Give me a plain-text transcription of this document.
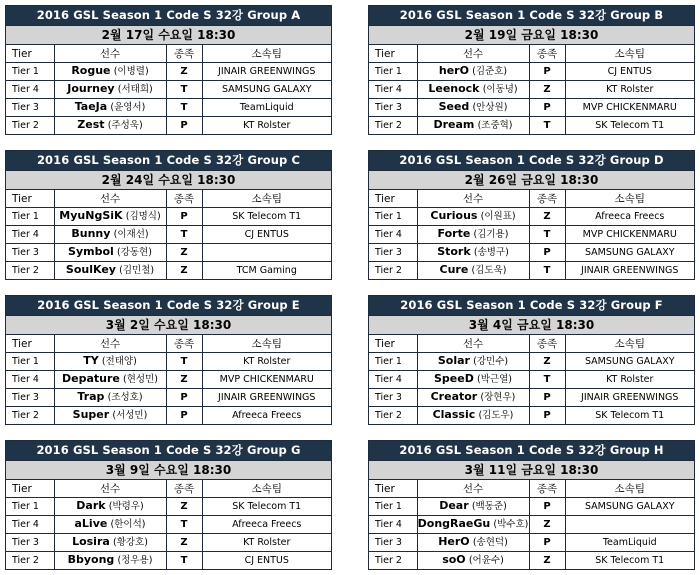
2016 GSL Season 1 Code S 32강 Group A
2월 17일 수요일 18:30
Tier	선수	종족	소속팀
Tier 1	Rogue (이병렬)	Z	JINAIR GREENWINGS
Tier 4	Journey (서태희)	T	SAMSUNG GALAXY
Tier 3	TaeJa (윤영서)	T	TeamLiquid
Tier 2	Zest (주성욱)	P	KT Rolster
2016 GSL Season 1 Code S 32강 Group B
2월 19일 금요일 18:30
Tier	선수	종족	소속팀
Tier 1	herO (김준호)	P	CJ ENTUS
Tier 4	Leenock (이동녕)	Z	KT Rolster
Tier 3	Seed (안상원)	P	MVP CHICKENMARU
Tier 2	Dream (조중혁)	T	SK Telecom T1
2016 GSL Season 1 Code S 32강 Group C
2월 24일 수요일 18:30
Tier	선수	종족	소속팀
Tier 1	MyuNgSiK (김명식)	P	SK Telecom T1
Tier 4	Bunny (이재선)	T	CJ ENTUS
Tier 3	Symbol (강동현)	Z	
Tier 2	SoulKey (김민철)	Z	TCM Gaming
2016 GSL Season 1 Code S 32강 Group D
2월 26일 금요일 18:30
Tier	선수	종족	소속팀
Tier 1	Curious (이원표)	Z	Afreeca Freecs
Tier 4	Forte (김기용)	T	MVP CHICKENMARU
Tier 3	Stork (송병구)	P	SAMSUNG GALAXY
Tier 2	Cure (김도욱)	T	JINAIR GREENWINGS
2016 GSL Season 1 Code S 32강 Group E
3월 2일 수요일 18:30
Tier	선수	종족	소속팀
Tier 1	TY (전태양)	T	KT Rolster
Tier 4	Depature (현성민)	Z	MVP CHICKENMARU
Tier 3	Trap (조성호)	P	JINAIR GREENWINGS
Tier 2	Super (서성민)	P	Afreeca Freecs
2016 GSL Season 1 Code S 32강 Group F
3월 4일 금요일 18:30
Tier	선수	종족	소속팀
Tier 1	Solar (강민수)	Z	SAMSUNG GALAXY
Tier 4	SpeeD (박근열)	T	KT Rolster
Tier 3	Creator (장현우)	P	JINAIR GREENWINGS
Tier 2	Classic (김도우)	P	SK Telecom T1
2016 GSL Season 1 Code S 32강 Group G
3월 9일 수요일 18:30
Tier	선수	종족	소속팀
Tier 1	Dark (박령우)	Z	SK Telecom T1
Tier 4	aLive (한이석)	T	Afreeca Freecs
Tier 3	Losira (황강호)	Z	KT Rolster
Tier 2	Bbyong (정우용)	T	CJ ENTUS
2016 GSL Season 1 Code S 32강 Group H
3월 11일 금요일 18:30
Tier	선수	종족	소속팀
Tier 1	Dear (백동준)	P	SAMSUNG GALAXY
Tier 4	DongRaeGu (박수호)	Z	
Tier 3	HerO (송현덕)	P	TeamLiquid
Tier 2	soO (어윤수)	Z	SK Telecom T1
